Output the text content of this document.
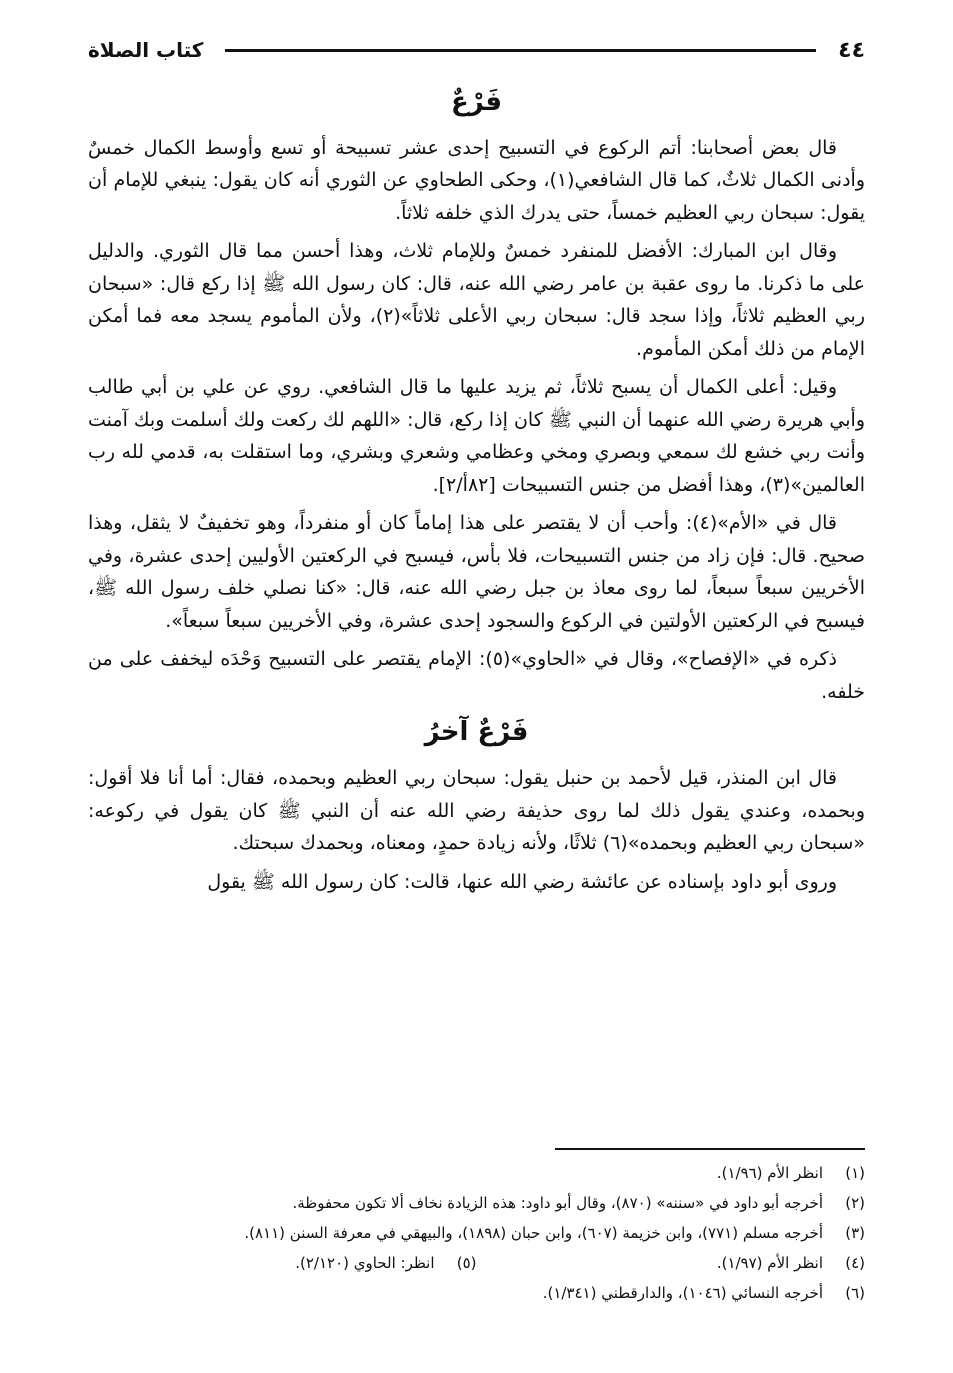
٤٤
كتاب الصلاة
فَرْعٌ

قال بعض أصحابنا: أتم الركوع في التسبيح إحدى عشر تسبيحة أو تسع وأوسط الكمال خمسٌ وأدنى الكمال ثلاثٌ، كما قال الشافعي(١)، وحكى الطحاوي عن الثوري أنه كان يقول: ينبغي للإمام أن يقول: سبحان ربي العظيم خمساً، حتى يدرك الذي خلفه ثلاثاً.

وقال ابن المبارك: الأفضل للمنفرد خمسٌ وللإمام ثلاث، وهذا أحسن مما قال الثوري. والدليل على ما ذكرنا. ما روى عقبة بن عامر رضي الله عنه، قال: كان رسول الله ﷺ إذا ركع قال: «سبحان ربي العظيم ثلاثاً، وإذا سجد قال: سبحان ربي الأعلى ثلاثاً»(٢)، ولأن المأموم يسجد معه فما أمكن الإمام من ذلك أمكن المأموم.

وقيل: أعلى الكمال أن يسبح ثلاثاً، ثم يزيد عليها ما قال الشافعي. روي عن علي بن أبي طالب وأبي هريرة رضي الله عنهما أن النبي ﷺ كان إذا ركع، قال: «اللهم لك ركعت ولك أسلمت وبك آمنت وأنت ربي خشع لك سمعي وبصري ومخي وعظامي وشعري وبشري، وما استقلت به، قدمي لله رب العالمين»(٣)، وهذا أفضل من جنس التسبيحات [٨٢أ/٢].

قال في «الأم»(٤): وأحب أن لا يقتصر على هذا إماماً كان أو منفرداً، وهو تخفيفٌ لا يثقل، وهذا صحيح. قال: فإن زاد من جنس التسبيحات، فلا بأس، فيسبح في الركعتين الأوليين إحدى عشرة، وفي الأخريين سبعاً سبعاً، لما روى معاذ بن جبل رضي الله عنه، قال: «كنا نصلي خلف رسول الله ﷺ، فيسبح في الركعتين الأولتين في الركوع والسجود إحدى عشرة، وفي الأخريين سبعاً سبعاً».

ذكره في «الإفصاح»، وقال في «الحاوي»(٥): الإمام يقتصر على التسبيح وَحْدَه ليخفف على من خلفه.

فَرْعٌ آخرُ

قال ابن المنذر، قيل لأحمد بن حنبل يقول: سبحان ربي العظيم وبحمده، فقال: أما أنا فلا أقول: وبحمده، وعندي يقول ذلك لما روى حذيفة رضي الله عنه أن النبي ﷺ كان يقول في ركوعه: «سبحان ربي العظيم وبحمده»(٦) ثلاثًا، ولأنه زيادة حمدٍ، ومعناه، وبحمدك سبحتك.

وروى أبو داود بإسناده عن عائشة رضي الله عنها، قالت: كان رسول الله ﷺ يقول

(١)
انظر الأم (١/٩٦).
(٢)
أخرجه أبو داود في «سننه» (٨٧٠)، وقال أبو داود: هذه الزيادة نخاف ألا تكون محفوظة.
(٣)
أخرجه مسلم (٧٧١)، وابن خزيمة (٦٠٧)، وابن حبان (١٨٩٨)، والبيهقي في معرفة السنن (٨١١).
(٤)
انظر الأم (١/٩٧).
(٥)
انظر: الحاوي (٢/١٢٠).
(٦)
أخرجه النسائي (١٠٤٦)، والدارقطني (١/٣٤١).
